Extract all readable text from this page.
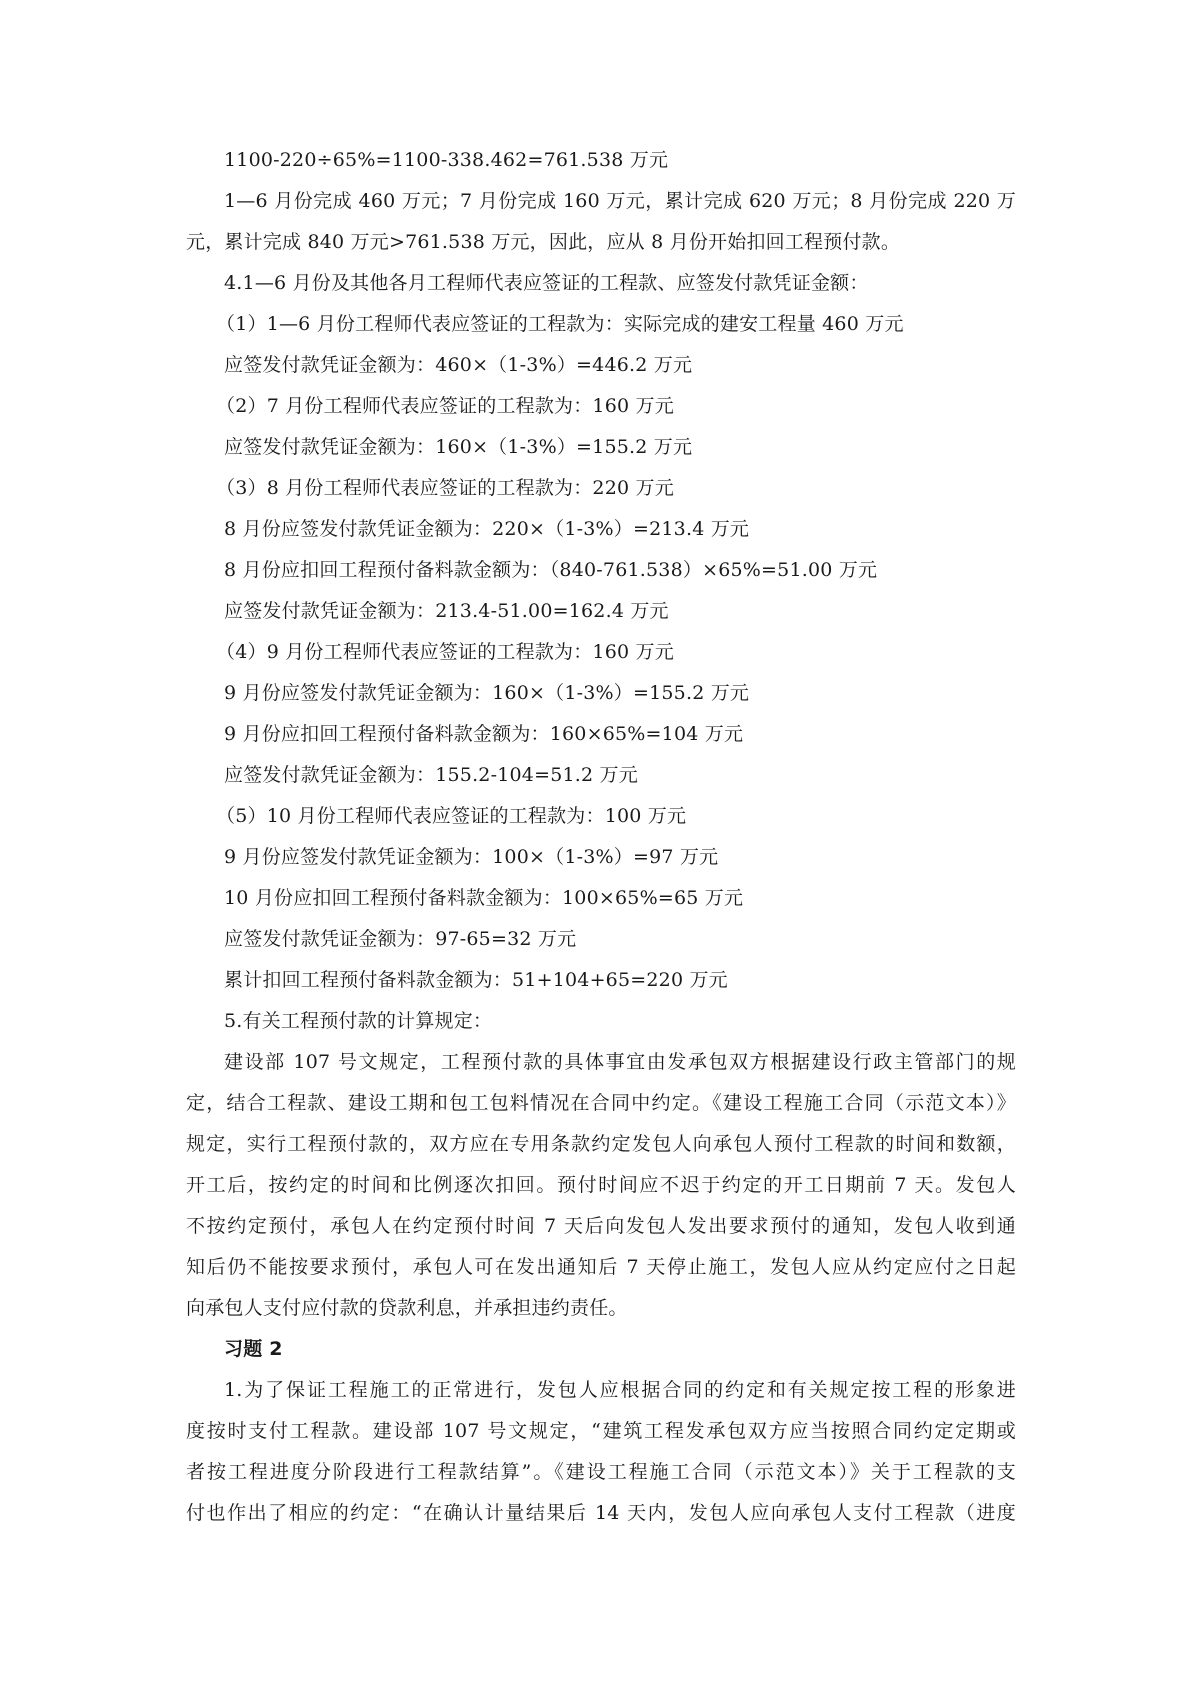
1100-220÷65%=1100-338.462=761.538 万元
1—6 月份完成 460 万元；7 月份完成 160 万元，累计完成 620 万元；8 月份完成 220 万
元，累计完成 840 万元>761.538 万元，因此，应从 8 月份开始扣回工程预付款。
4.1—6 月份及其他各月工程师代表应签证的工程款、应签发付款凭证金额：
（1）1—6 月份工程师代表应签证的工程款为：实际完成的建安工程量 460 万元
应签发付款凭证金额为：460×（1-3%）=446.2 万元
（2）7 月份工程师代表应签证的工程款为：160 万元
应签发付款凭证金额为：160×（1-3%）=155.2 万元
（3）8 月份工程师代表应签证的工程款为：220 万元
8 月份应签发付款凭证金额为：220×（1-3%）=213.4 万元
8 月份应扣回工程预付备料款金额为：（840-761.538）×65%=51.00 万元
应签发付款凭证金额为：213.4-51.00=162.4 万元
（4）9 月份工程师代表应签证的工程款为：160 万元
9 月份应签发付款凭证金额为：160×（1-3%）=155.2 万元
9 月份应扣回工程预付备料款金额为：160×65%=104 万元
应签发付款凭证金额为：155.2-104=51.2 万元
（5）10 月份工程师代表应签证的工程款为：100 万元
9 月份应签发付款凭证金额为：100×（1-3%）=97 万元
10 月份应扣回工程预付备料款金额为：100×65%=65 万元
应签发付款凭证金额为：97-65=32 万元
累计扣回工程预付备料款金额为：51+104+65=220 万元
5.有关工程预付款的计算规定：
建设部 107 号文规定，工程预付款的具体事宜由发承包双方根据建设行政主管部门的规
定，结合工程款、建设工期和包工包料情况在合同中约定。《建设工程施工合同（示范文本）》
规定，实行工程预付款的，双方应在专用条款约定发包人向承包人预付工程款的时间和数额，
开工后，按约定的时间和比例逐次扣回。预付时间应不迟于约定的开工日期前 7 天。发包人
不按约定预付，承包人在约定预付时间 7 天后向发包人发出要求预付的通知，发包人收到通
知后仍不能按要求预付，承包人可在发出通知后 7 天停止施工，发包人应从约定应付之日起
向承包人支付应付款的贷款利息，并承担违约责任。
习题 2
1.为了保证工程施工的正常进行，发包人应根据合同的约定和有关规定按工程的形象进
度按时支付工程款。建设部 107 号文规定，“建筑工程发承包双方应当按照合同约定定期或
者按工程进度分阶段进行工程款结算”。《建设工程施工合同（示范文本）》关于工程款的支
付也作出了相应的约定：“在确认计量结果后 14 天内，发包人应向承包人支付工程款（进度
